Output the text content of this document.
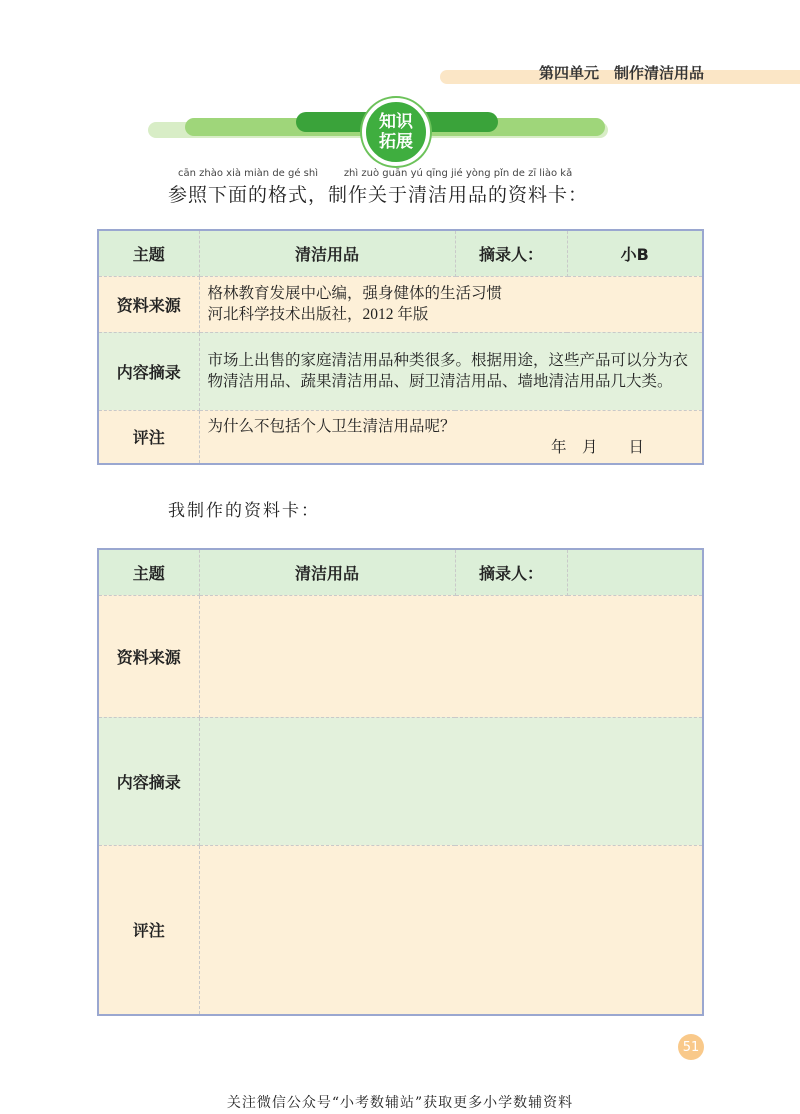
第四单元　制作清洁用品
知识
拓展
cān zhào xià miàn de gé shì
参照下面的格式，
zhì zuò guān yú qīng jié yòng pǐn de zī liào kǎ
制作关于清洁用品的资料卡：
主题	清洁用品	摘录人：	小B
资料来源	格林教育发展中心编，强身健体的生活习惯
河北科学技术出版社，2012 年版		

内容摘录	市场上出售的家庭清洁用品种类很多。根据用途，这些产品可以分为衣物清洁用品、蔬果清洁用品、厨卫清洁用品、墙地清洁用品几大类。		
评注	为什么不包括个人卫生清洁用品呢？
年　月　　日		
我制作的资料卡：
主题	清洁用品	摘录人：	
资料来源			
内容摘录			
评注			
51
关注微信公众号“小考数辅站”获取更多小学数辅资料
